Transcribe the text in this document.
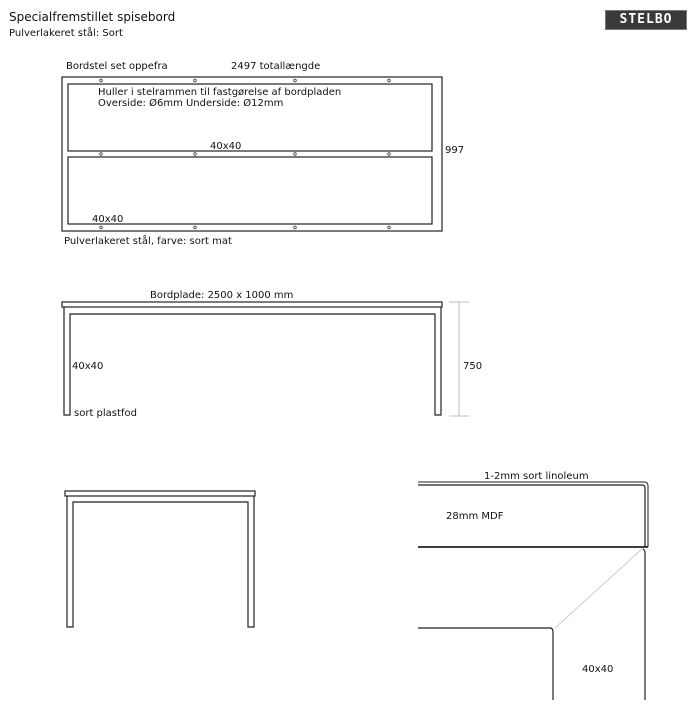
Specialfremstillet spisebord
Pulverlakeret stål: Sort
STELBO
Bordstel set oppefra	2497 totallængde
997
Huller i stelrammen til fastgørelse af bordpladen
Overside: Ø6mm Underside: Ø12mm
40x40
40x40
Pulverlakeret stål, farve: sort mat
Bordplade: 2500 x 1000 mm
40x40	750
sort plastfod
1-2mm sort linoleum
28mm MDF
40x40
